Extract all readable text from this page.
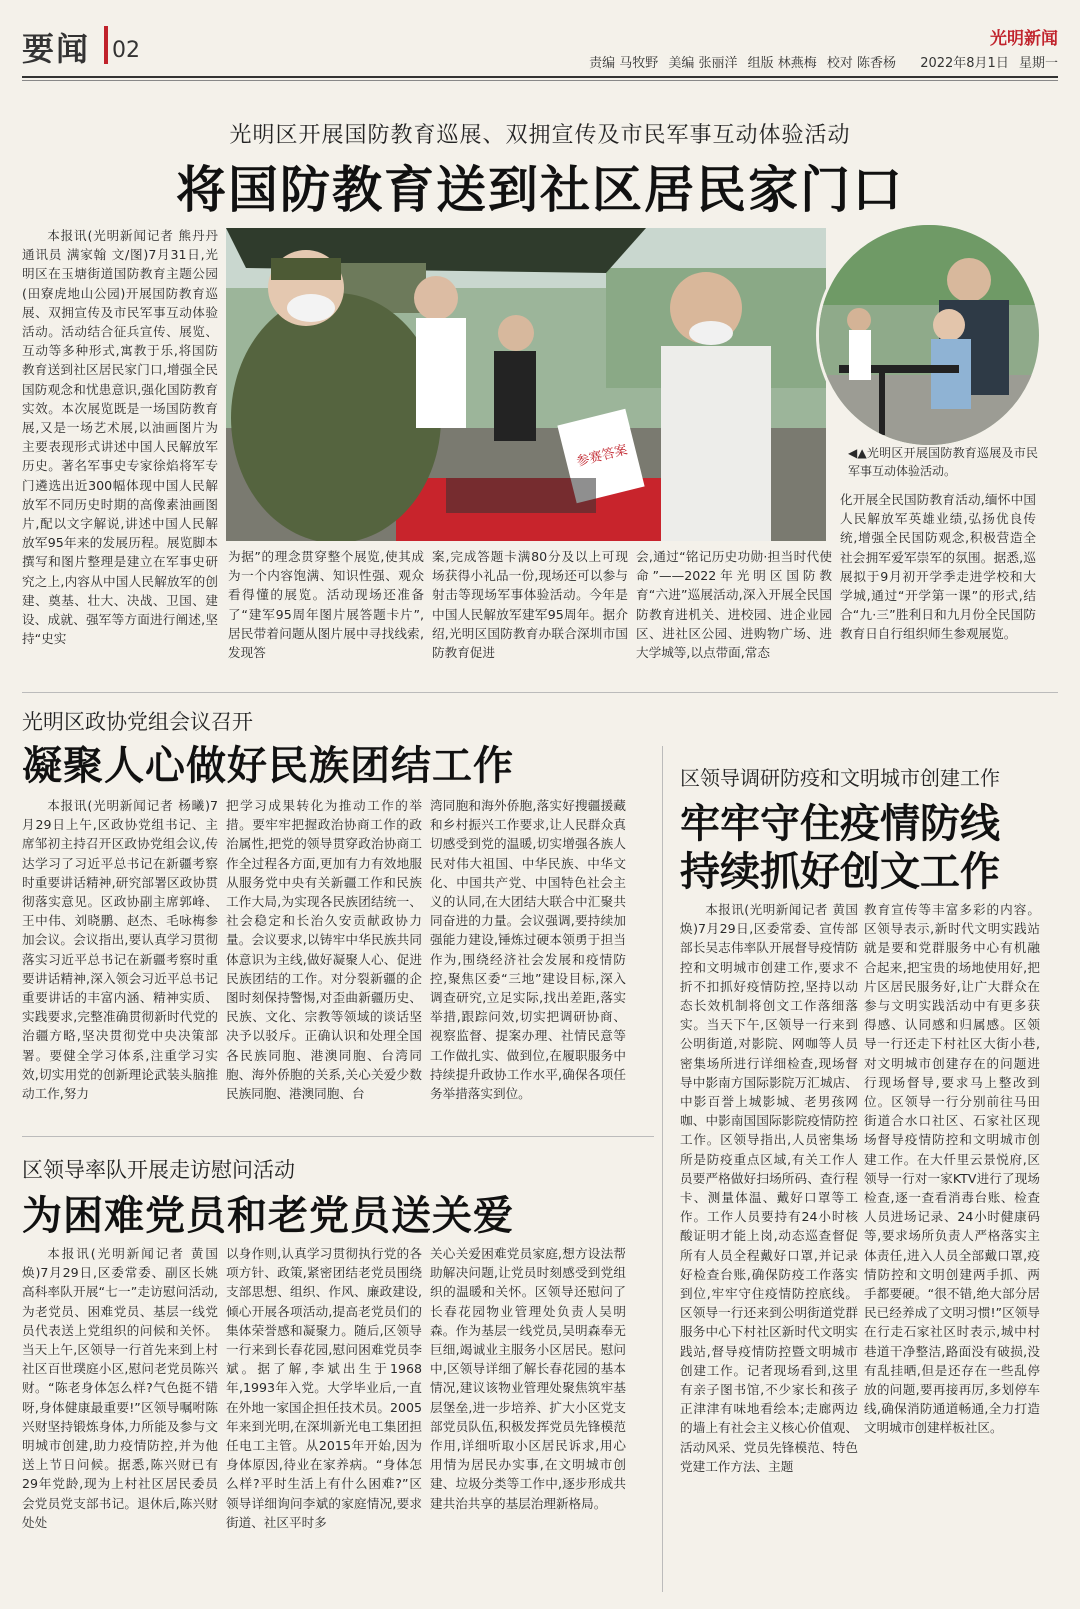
要闻 02	光明新闻
责编 马牧野 美编 张丽洋 组版 林燕梅 校对 陈香杨 2022年8月1日 星期一
光明区开展国防教育巡展、双拥宣传及市民军事互动体验活动
将国防教育送到社区居民家门口

本报讯(光明新闻记者 熊丹丹 通讯员 满家翰 文/图)7月31日,光明区在玉塘街道国防教育主题公园(田寮虎地山公园)开展国防教育巡展、双拥宣传及市民军事互动体验活动。活动结合征兵宣传、展览、互动等多种形式,寓教于乐,将国防教育送到社区居民家门口,增强全民国防观念和忧患意识,强化国防教育实效。本次展览既是一场国防教育展,又是一场艺术展,以油画图片为主要表现形式讲述中国人民解放军历史。著名军事史专家徐焰将军专门遴选出近300幅体现中国人民解放军不同历史时期的高像素油画图片,配以文字解说,讲述中国人民解放军95年来的发展历程。展览脚本撰写和图片整理是建立在军事史研究之上,内容从中国人民解放军的创建、奠基、壮大、决战、卫国、建设、成就、强军等方面进行阐述,坚持“史实

参赛答案	◀▲光明区开展国防教育巡展及市民军事互动体验活动。

为据”的理念贯穿整个展览,使其成为一个内容饱满、知识性强、观众看得懂的展览。活动现场还准备了“建军95周年图片展答题卡片”,居民带着问题从图片展中寻找线索,发现答

案,完成答题卡满80分及以上可现场获得小礼品一份,现场还可以参与射击等现场军事体验活动。今年是中国人民解放军建军95周年。据介绍,光明区国防教育办联合深圳市国防教育促进

会,通过“铭记历史功勋·担当时代使命”——2022年光明区国防教育“六进”巡展活动,深入开展全民国防教育进机关、进校园、进企业园区、进社区公园、进购物广场、进大学城等,以点带面,常态

化开展全民国防教育活动,缅怀中国人民解放军英雄业绩,弘扬优良传统,增强全民国防观念,积极营造全社会拥军爱军崇军的氛围。据悉,巡展拟于9月初开学季走进学校和大学城,通过“开学第一课”的形式,结合“九·三”胜利日和九月份全民国防教育日自行组织师生参观展览。

光明区政协党组会议召开
凝聚人心做好民族团结工作

本报讯(光明新闻记者 杨曦)7月29日上午,区政协党组书记、主席邹初主持召开区政协党组会议,传达学习了习近平总书记在新疆考察时重要讲话精神,研究部署区政协贯彻落实意见。区政协副主席郭峰、王中伟、刘晓鹏、赵杰、毛咏梅参加会议。会议指出,要认真学习贯彻落实习近平总书记在新疆考察时重要讲话精神,深入领会习近平总书记重要讲话的丰富内涵、精神实质、实践要求,完整准确贯彻新时代党的治疆方略,坚决贯彻党中央决策部署。要健全学习体系,注重学习实效,切实用党的创新理论武装头脑推动工作,努力

把学习成果转化为推动工作的举措。要牢牢把握政治协商工作的政治属性,把党的领导贯穿政治协商工作全过程各方面,更加有力有效地服从服务党中央有关新疆工作和民族工作大局,为实现各民族团结统一、社会稳定和长治久安贡献政协力量。会议要求,以铸牢中华民族共同体意识为主线,做好凝聚人心、促进民族团结的工作。对分裂新疆的企图时刻保持警惕,对歪曲新疆历史、民族、文化、宗教等领域的谈话坚决予以驳斥。正确认识和处理全国各民族同胞、港澳同胞、台湾同胞、海外侨胞的关系,关心关爱少数民族同胞、港澳同胞、台

湾同胞和海外侨胞,落实好搜疆援藏和乡村振兴工作要求,让人民群众真切感受到党的温暖,切实增强各族人民对伟大祖国、中华民族、中华文化、中国共产党、中国特色社会主义的认同,在大团结大联合中汇聚共同奋进的力量。会议强调,要持续加强能力建设,锤炼过硬本领勇于担当作为,围绕经济社会发展和疫情防控,聚焦区委“三地”建设目标,深入调查研究,立足实际,找出差距,落实举措,跟踪问效,切实把调研协商、视察监督、提案办理、社情民意等工作做扎实、做到位,在履职服务中持续提升政协工作水平,确保各项任务举措落实到位。

区领导率队开展走访慰问活动
为困难党员和老党员送关爱

本报讯(光明新闻记者 黄国焕)7月29日,区委常委、副区长姚高科率队开展“七一”走访慰问活动,为老党员、困难党员、基层一线党员代表送上党组织的问候和关怀。当天上午,区领导一行首先来到上村社区百世璞庭小区,慰问老党员陈兴财。“陈老身体怎么样?气色挺不错呀,身体健康最重要!”区领导嘱咐陈兴财坚持锻炼身体,力所能及参与文明城市创建,助力疫情防控,并为他送上节日问候。据悉,陈兴财已有29年党龄,现为上村社区居民委员会党员党支部书记。退休后,陈兴财处处

以身作则,认真学习贯彻执行党的各项方针、政策,紧密团结老党员围绕支部思想、组织、作风、廉政建设,倾心开展各项活动,提高老党员们的集体荣誉感和凝聚力。随后,区领导一行来到长春花园,慰问困难党员李斌。据了解,李斌出生于1968年,1993年入党。大学毕业后,一直在外地一家国企担任技术员。2005年来到光明,在深圳新光电工集团担任电工主管。从2015年开始,因为身体原因,待业在家养病。“身体怎么样?平时生活上有什么困难?”区领导详细询问李斌的家庭情况,要求街道、社区平时多

关心关爱困难党员家庭,想方设法帮助解决问题,让党员时刻感受到党组织的温暖和关怀。区领导还慰问了长春花园物业管理处负责人吴明森。作为基层一线党员,吴明森奉无巨细,竭诚业主服务小区居民。慰问中,区领导详细了解长春花园的基本情况,建议该物业管理处聚焦筑牢基层堡垒,进一步培养、扩大小区党支部党员队伍,积极发挥党员先锋模范作用,详细听取小区居民诉求,用心用情为居民办实事,在文明城市创建、垃圾分类等工作中,逐步形成共建共治共享的基层治理新格局。

区领导调研防疫和文明城市创建工作
牢牢守住疫情防线
持续抓好创文工作

本报讯(光明新闻记者 黄国焕)7月29日,区委常委、宣传部部长吴志伟率队开展督导疫情防控和文明城市创建工作,要求不折不扣抓好疫情防控,坚持以动态长效机制将创文工作落细落实。当天下午,区领导一行来到公明街道,对影院、网咖等人员密集场所进行详细检查,现场督导中影南方国际影院万汇城店、中影百誉上城影城、老男孩网咖、中影南国国际影院疫情防控工作。区领导指出,人员密集场所是防疫重点区域,有关工作人员要严格做好扫场所码、查行程卡、测量体温、戴好口罩等工作。工作人员要持有24小时核酸证明才能上岗,动态巡查督促所有人员全程戴好口罩,并记录好检查台账,确保防疫工作落实到位,牢牢守住疫情防控底线。区领导一行还来到公明街道党群服务中心下村社区新时代文明实践站,督导疫情防控暨文明城市创建工作。记者现场看到,这里有亲子图书馆,不少家长和孩子正津津有味地看绘本;走廊两边的墙上有社会主义核心价值观、活动风采、党员先锋模范、特色党建工作方法、主题

教育宣传等丰富多彩的内容。区领导表示,新时代文明实践站就是要和党群服务中心有机融合起来,把宝贵的场地使用好,把片区居民服务好,让广大群众在参与文明实践活动中有更多获得感、认同感和归属感。区领导一行还走下村社区大街小巷,对文明城市创建存在的问题进行现场督导,要求马上整改到位。区领导一行分别前往马田街道合水口社区、石家社区现场督导疫情防控和文明城市创建工作。在大仟里云景悦府,区领导一行对一家KTV进行了现场检查,逐一查看消毒台账、检查人员进场记录、24小时健康码等,要求场所负责人严格落实主体责任,进入人员全部戴口罩,疫情防控和文明创建两手抓、两手都要硬。“很不错,绝大部分居民已经养成了文明习惯!”区领导在行走石家社区时表示,城中村巷道干净整洁,路面没有破损,没有乱挂晒,但是还存在一些乱停放的问题,要再接再厉,多划停车线,确保消防通道畅通,全力打造文明城市创建样板社区。
